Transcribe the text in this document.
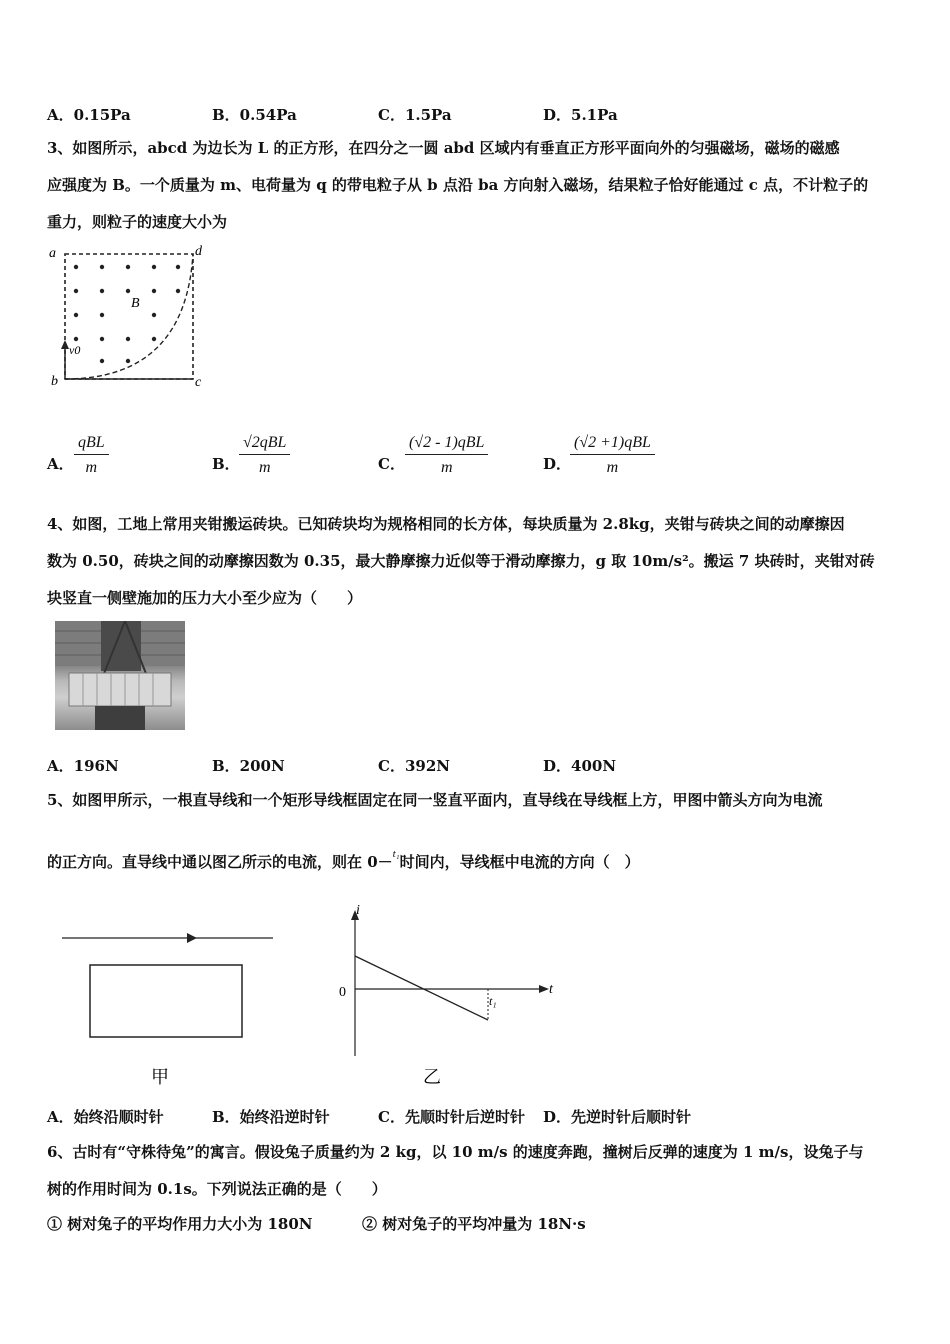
A．0.15Pa	B．0.54Pa	C．1.5Pa	D．5.1Pa
3、如图所示，abcd 为边长为 L 的正方形，在四分之一圆 abd 区域内有垂直正方形平面向外的匀强磁场，磁场的磁感
应强度为 B。一个质量为 m、电荷量为 q 的带电粒子从 b 点沿 ba 方向射入磁场，结果粒子恰好能通过 c 点，不计粒子的
重力，则粒子的速度大小为
a	d
b	c
B
v0
A．
qBL
m	B．
√2qBL
m	C．
(√2 - 1)qBL
m	D．
(√2 +1)qBL
m
4、如图，工地上常用夹钳搬运砖块。已知砖块均为规格相同的长方体，每块质量为 2.8kg，夹钳与砖块之间的动摩擦因
数为 0.50，砖块之间的动摩擦因数为 0.35，最大静摩擦力近似等于滑动摩擦力，g 取 10m/s²。搬运 7 块砖时，夹钳对砖
块竖直一侧壁施加的压力大小至少应为（　　）
A．196N	B．200N	C．392N	D．400N
5、如图甲所示，一根直导线和一个矩形导线框固定在同一竖直平面内，直导线在导线框上方，甲图中箭头方向为电流
的正方向。直导线中通以图乙所示的电流，则在 0－$^{t_1}$时间内，导线框中电流的方向（　）
甲
i
t
0
t₁
乙
A．始终沿顺时针	B．始终沿逆时针	C．先顺时针后逆时针 D．先逆时针后顺时针
6、古时有“守株待兔”的寓言。假设兔子质量约为 2 kg，以 10 m/s 的速度奔跑，撞树后反弹的速度为 1 m/s，设兔子与
树的作用时间为 0.1s。下列说法正确的是（　　）
① 树对兔子的平均作用力大小为 180N	② 树对兔子的平均冲量为 18N·s
